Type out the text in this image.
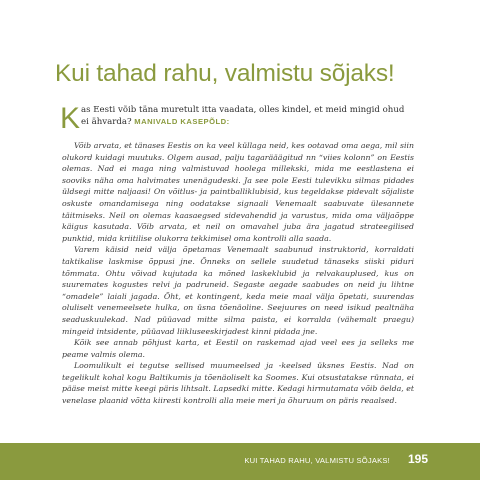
Kui tahad rahu, valmistu sõjaks!
Kas Eesti võib täna muretult itta vaadata, olles kindel, et meid mingid ohud ei ähvarda? MANIVALD KASEPÕLD:

Võib arvata, et tänases Eestis on ka veel küllaga neid, kes ootavad oma aega, mil siin olukord kuidagi muutuks. Olgem ausad, palju tagarääägitud nn “viies kolonn” on Eestis olemas. Nad ei maga ning valmistuvad hoolega millekski, mida me eestlastena ei sooviks näha oma halvimates unenägudeski. Ja see pole Eesti tulevikku silmas pidades üldsegi mitte naljaasi! On võitlus- ja paintballiklubisid, kus tegeldakse pidevalt sõjaliste oskuste omandamisega ning oodatakse signaali Venemaalt saabuvate ülesannete täitmiseks. Neil on olemas kaasaegsed sidevahendid ja varustus, mida oma väljaõppe käigus kasutada. Võib arvata, et neil on omavahel juba ära jagatud strateegilised punktid, mida kriitilise olukorra tekkimisel oma kontrolli alla saada.

Varem käisid neid välja õpetamas Venemaalt saabunud instruktorid, korraldati taktikalise laskmise õppusi jne. Õnneks on sellele suudetud tänaseks siiski piduri tõmmata. Ohtu võivad kujutada ka mõned laskeklubid ja relvakauplused, kus on suuremates kogustes relvi ja padruneid. Segaste aegade saabudes on neid ju lihtne “omadele” laiali jagada. Õht, et kontingent, keda meie maal välja õpetati, suurendas oluliselt venemeelsete hulka, on üsna tõenäoline. Seejuures on need isikud pealtnäha seaduskuulekad. Nad püüavad mitte silma paista, ei korralda (vähemalt praegu) mingeid intsidente, püüavad liikluseeskirjadest kinni pidada jne.

Kõik see annab põhjust karta, et Eestil on raskemad ajad veel ees ja selleks me peame valmis olema.

Loomulikult ei tegutse sellised muumeelsed ja -keelsed üksnes Eestis. Nad on tegelikult kohal kogu Baltikumis ja tõenäoliselt ka Soomes. Kui otsustatakse rünnata, ei pääse meist mitte keegi päris lihtsalt. Lapsedki mitte. Kedagi hirmutamata võib öelda, et venelase plaanid võtta kiiresti kontrolli alla meie meri ja õhuruum on päris reaalsed.

KUI TAHAD RAHU, VALMISTU SÕJAKS! 195
